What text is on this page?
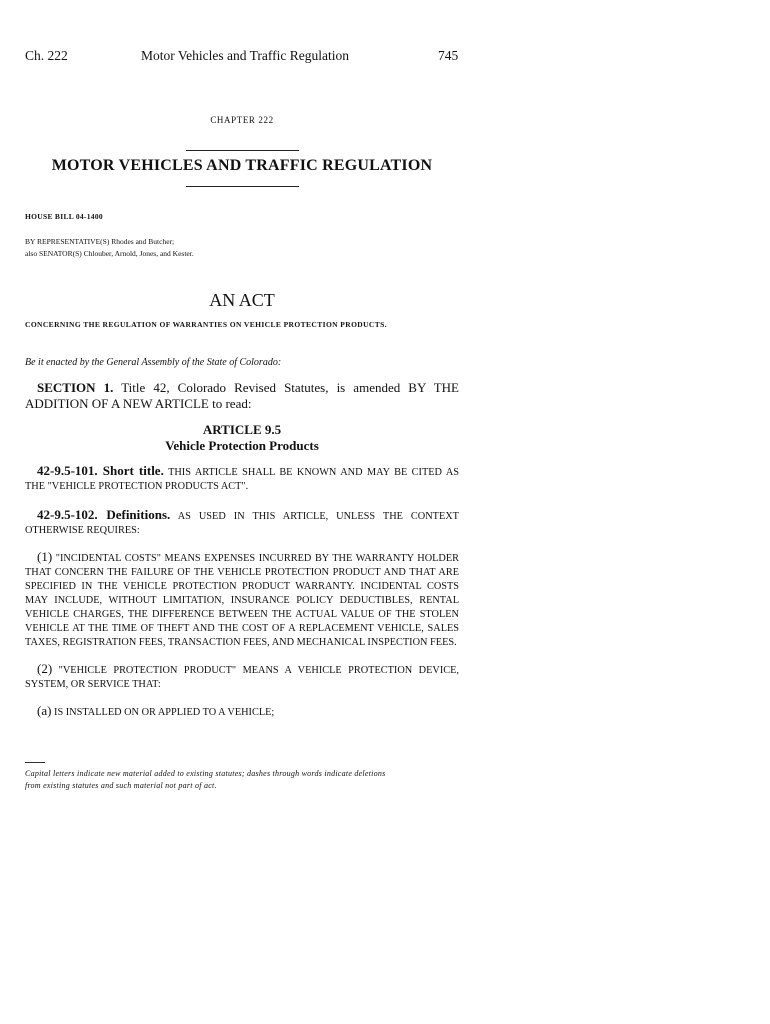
Ch. 222	Motor Vehicles and Traffic Regulation	745
CHAPTER 222
MOTOR VEHICLES AND TRAFFIC REGULATION
HOUSE BILL 04-1400
BY REPRESENTATIVE(S) Rhodes and Butcher;
also SENATOR(S) Chlouber, Arnold, Jones, and Kester.
AN ACT
CONCERNING THE REGULATION OF WARRANTIES ON VEHICLE PROTECTION PRODUCTS.
Be it enacted by the General Assembly of the State of Colorado:
SECTION 1. Title 42, Colorado Revised Statutes, is amended BY THE ADDITION OF A NEW ARTICLE to read:
ARTICLE 9.5
Vehicle Protection Products
42-9.5-101. Short title. THIS ARTICLE SHALL BE KNOWN AND MAY BE CITED AS THE "VEHICLE PROTECTION PRODUCTS ACT".
42-9.5-102. Definitions. AS USED IN THIS ARTICLE, UNLESS THE CONTEXT OTHERWISE REQUIRES:
(1) "INCIDENTAL COSTS" MEANS EXPENSES INCURRED BY THE WARRANTY HOLDER THAT CONCERN THE FAILURE OF THE VEHICLE PROTECTION PRODUCT AND THAT ARE SPECIFIED IN THE VEHICLE PROTECTION PRODUCT WARRANTY. INCIDENTAL COSTS MAY INCLUDE, WITHOUT LIMITATION, INSURANCE POLICY DEDUCTIBLES, RENTAL VEHICLE CHARGES, THE DIFFERENCE BETWEEN THE ACTUAL VALUE OF THE STOLEN VEHICLE AT THE TIME OF THEFT AND THE COST OF A REPLACEMENT VEHICLE, SALES TAXES, REGISTRATION FEES, TRANSACTION FEES, AND MECHANICAL INSPECTION FEES.
(2) "VEHICLE PROTECTION PRODUCT" MEANS A VEHICLE PROTECTION DEVICE, SYSTEM, OR SERVICE THAT:
(a) IS INSTALLED ON OR APPLIED TO A VEHICLE;
Capital letters indicate new material added to existing statutes; dashes through words indicate deletions
from existing statutes and such material not part of act.
